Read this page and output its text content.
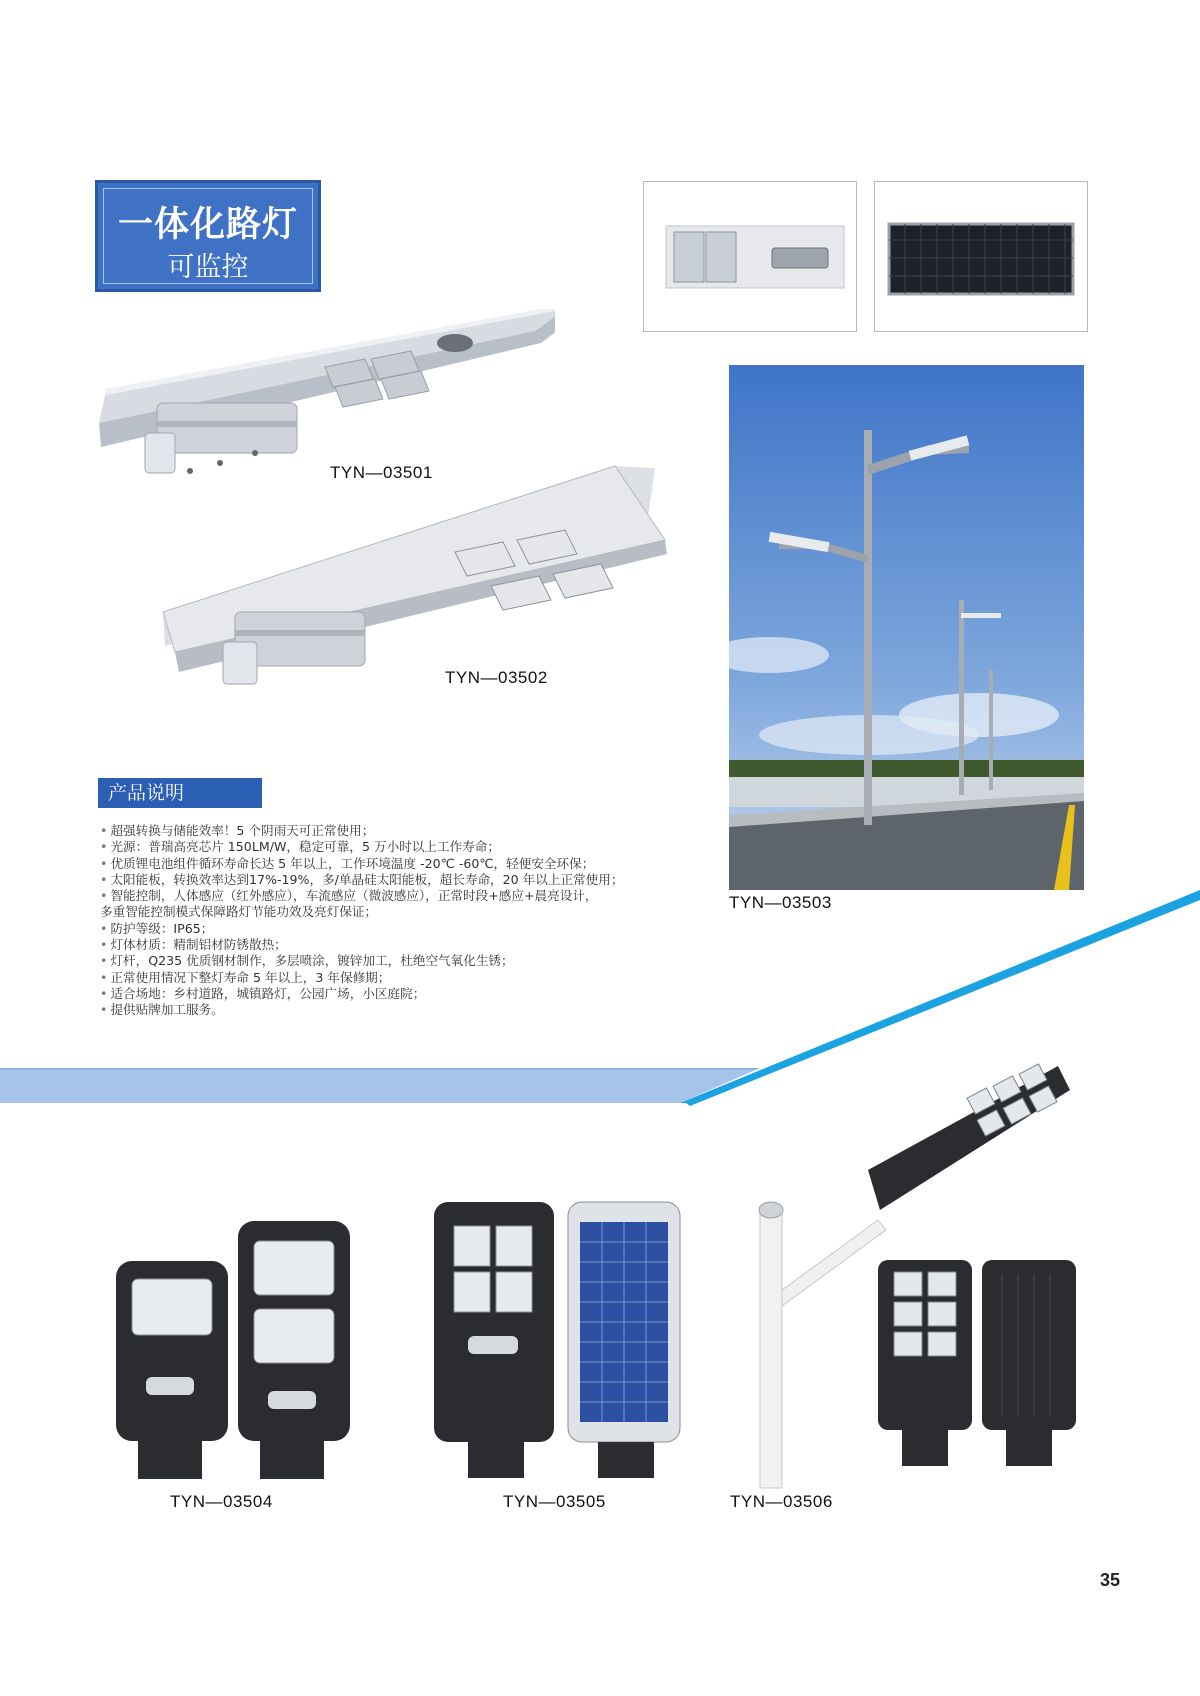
一体化路灯
可监控
TYN—03501
TYN—03502
TYN—03503
产品说明
• 超强转换与储能效率！5 个阴雨天可正常使用；
• 光源：普瑞高亮芯片 150LM/W，稳定可靠，5 万小时以上工作寿命；
• 优质锂电池组件循环寿命长达 5 年以上，工作环境温度 -20℃ -60℃，轻便安全环保；
• 太阳能板，转换效率达到17%-19%，多/单晶硅太阳能板，超长寿命，20 年以上正常使用；
• 智能控制，人体感应（红外感应），车流感应（微波感应），正常时段+感应+晨亮设计，
多重智能控制模式保障路灯节能功效及亮灯保证；
• 防护等级：IP65；
• 灯体材质：精制铝材防锈散热；
• 灯杆，Q235 优质钢材制作，多层喷涂，镀锌加工，杜绝空气氧化生锈；
• 正常使用情况下整灯寿命 5 年以上，3 年保修期；
• 适合场地：乡村道路，城镇路灯，公园广场，小区庭院；
• 提供贴牌加工服务。
TYN—03504	TYN—03505	TYN—03506
35
